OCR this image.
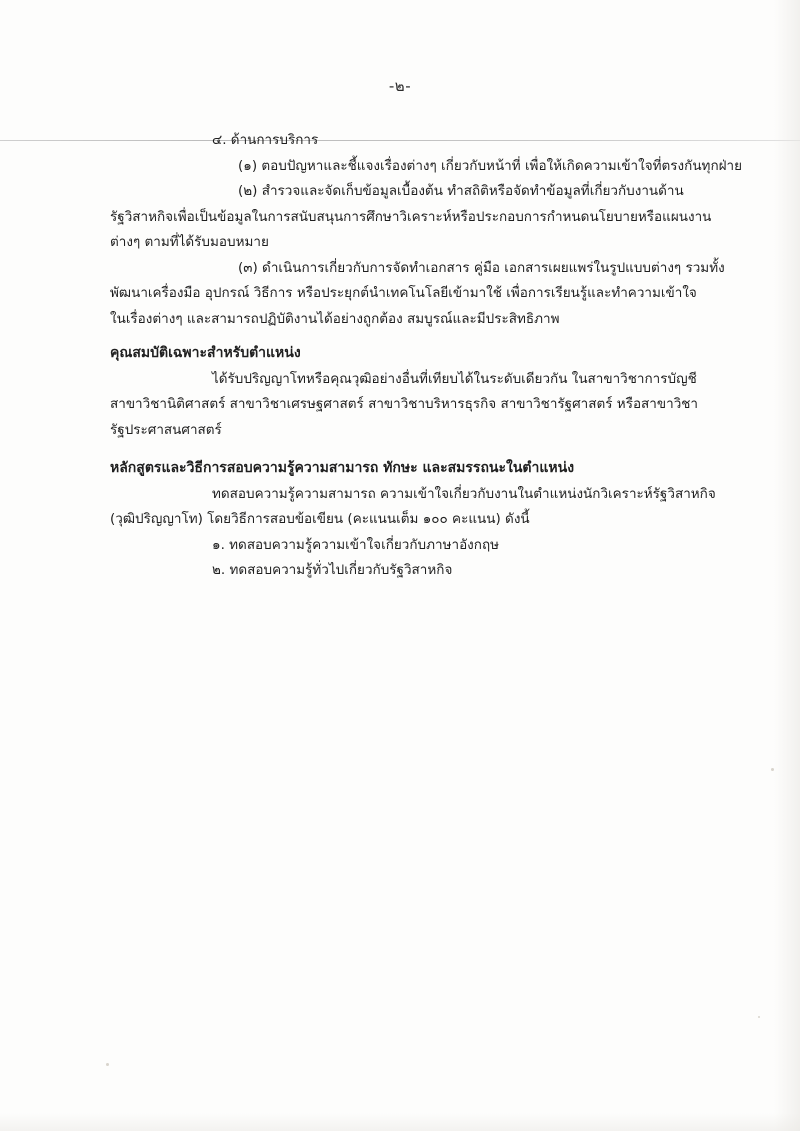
-๒-
๔. ด้านการบริการ
(๑) ตอบปัญหาและชี้แจงเรื่องต่างๆ เกี่ยวกับหน้าที่ เพื่อให้เกิดความเข้าใจที่ตรงกันทุกฝ่าย
(๒) สำรวจและจัดเก็บข้อมูลเบื้องต้น ทำสถิติหรือจัดทำข้อมูลที่เกี่ยวกับงานด้าน
รัฐวิสาหกิจเพื่อเป็นข้อมูลในการสนับสนุนการศึกษาวิเคราะห์หรือประกอบการกำหนดนโยบายหรือแผนงาน
ต่างๆ ตามที่ได้รับมอบหมาย
(๓) ดำเนินการเกี่ยวกับการจัดทำเอกสาร คู่มือ เอกสารเผยแพร่ในรูปแบบต่างๆ รวมทั้ง
พัฒนาเครื่องมือ อุปกรณ์ วิธีการ หรือประยุกต์นำเทคโนโลยีเข้ามาใช้ เพื่อการเรียนรู้และทำความเข้าใจ
ในเรื่องต่างๆ และสามารถปฏิบัติงานได้อย่างถูกต้อง สมบูรณ์และมีประสิทธิภาพ
คุณสมบัติเฉพาะสำหรับตำแหน่ง
ได้รับปริญญาโทหรือคุณวุฒิอย่างอื่นที่เทียบได้ในระดับเดียวกัน ในสาขาวิชาการบัญชี
สาขาวิชานิติศาสตร์ สาขาวิชาเศรษฐศาสตร์ สาขาวิชาบริหารธุรกิจ สาขาวิชารัฐศาสตร์ หรือสาขาวิชา
รัฐประศาสนศาสตร์
หลักสูตรและวิธีการสอบความรู้ความสามารถ ทักษะ และสมรรถนะในตำแหน่ง
ทดสอบความรู้ความสามารถ ความเข้าใจเกี่ยวกับงานในตำแหน่งนักวิเคราะห์รัฐวิสาหกิจ
(วุฒิปริญญาโท) โดยวิธีการสอบข้อเขียน (คะแนนเต็ม ๑๐๐ คะแนน) ดังนี้
๑. ทดสอบความรู้ความเข้าใจเกี่ยวกับภาษาอังกฤษ
๒. ทดสอบความรู้ทั่วไปเกี่ยวกับรัฐวิสาหกิจ
